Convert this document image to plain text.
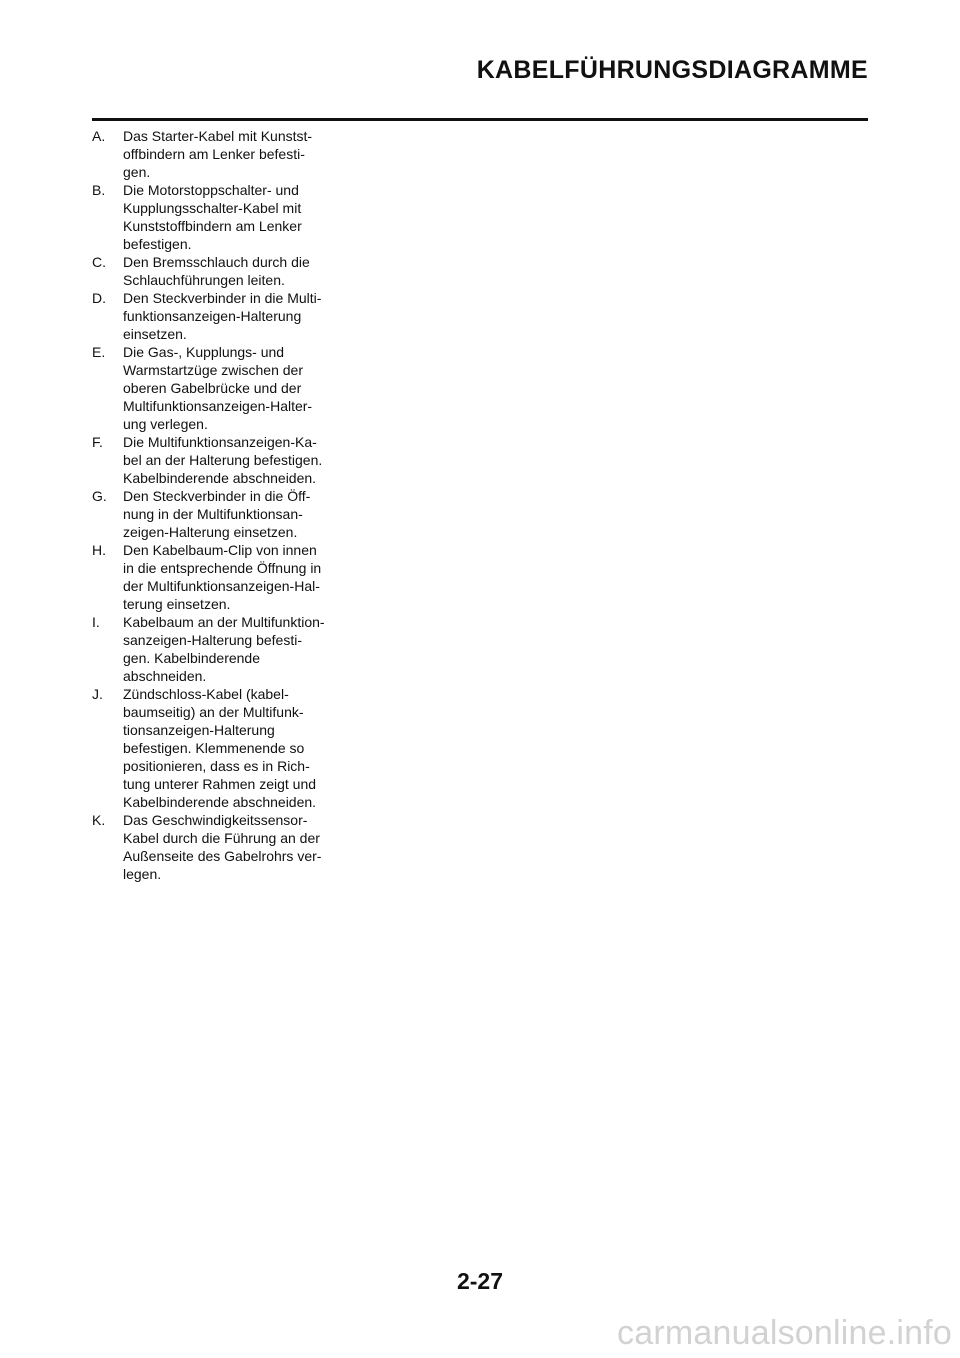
KABELFÜHRUNGSDIAGRAMME
A. Das Starter-Kabel mit Kunstst-
offbindern am Lenker befesti-
gen.
B. Die Motorstoppschalter- und
Kupplungsschalter-Kabel mit
Kunststoffbindern am Lenker
befestigen.
C. Den Bremsschlauch durch die
Schlauchführungen leiten.
D. Den Steckverbinder in die Multi-
funktionsanzeigen-Halterung
einsetzen.
E. Die Gas-, Kupplungs- und
Warmstartzüge zwischen der
oberen Gabelbrücke und der
Multifunktionsanzeigen-Halter-
ung verlegen.
F. Die Multifunktionsanzeigen-Ka-
bel an der Halterung befestigen.
Kabelbinderende abschneiden.
G. Den Steckverbinder in die Öff-
nung in der Multifunktionsan-
zeigen-Halterung einsetzen.
H. Den Kabelbaum-Clip von innen
in die entsprechende Öffnung in
der Multifunktionsanzeigen-Hal-
terung einsetzen.
I. Kabelbaum an der Multifunktion-
sanzeigen-Halterung befesti-
gen. Kabelbinderende
abschneiden.
J. Zündschloss-Kabel (kabel-
baumseitig) an der Multifunk-
tionsanzeigen-Halterung
befestigen. Klemmenende so
positionieren, dass es in Rich-
tung unterer Rahmen zeigt und
Kabelbinderende abschneiden.
K. Das Geschwindigkeitssensor-
Kabel durch die Führung an der
Außenseite des Gabelrohrs ver-
legen.
2-27
carmanualsonline.info
